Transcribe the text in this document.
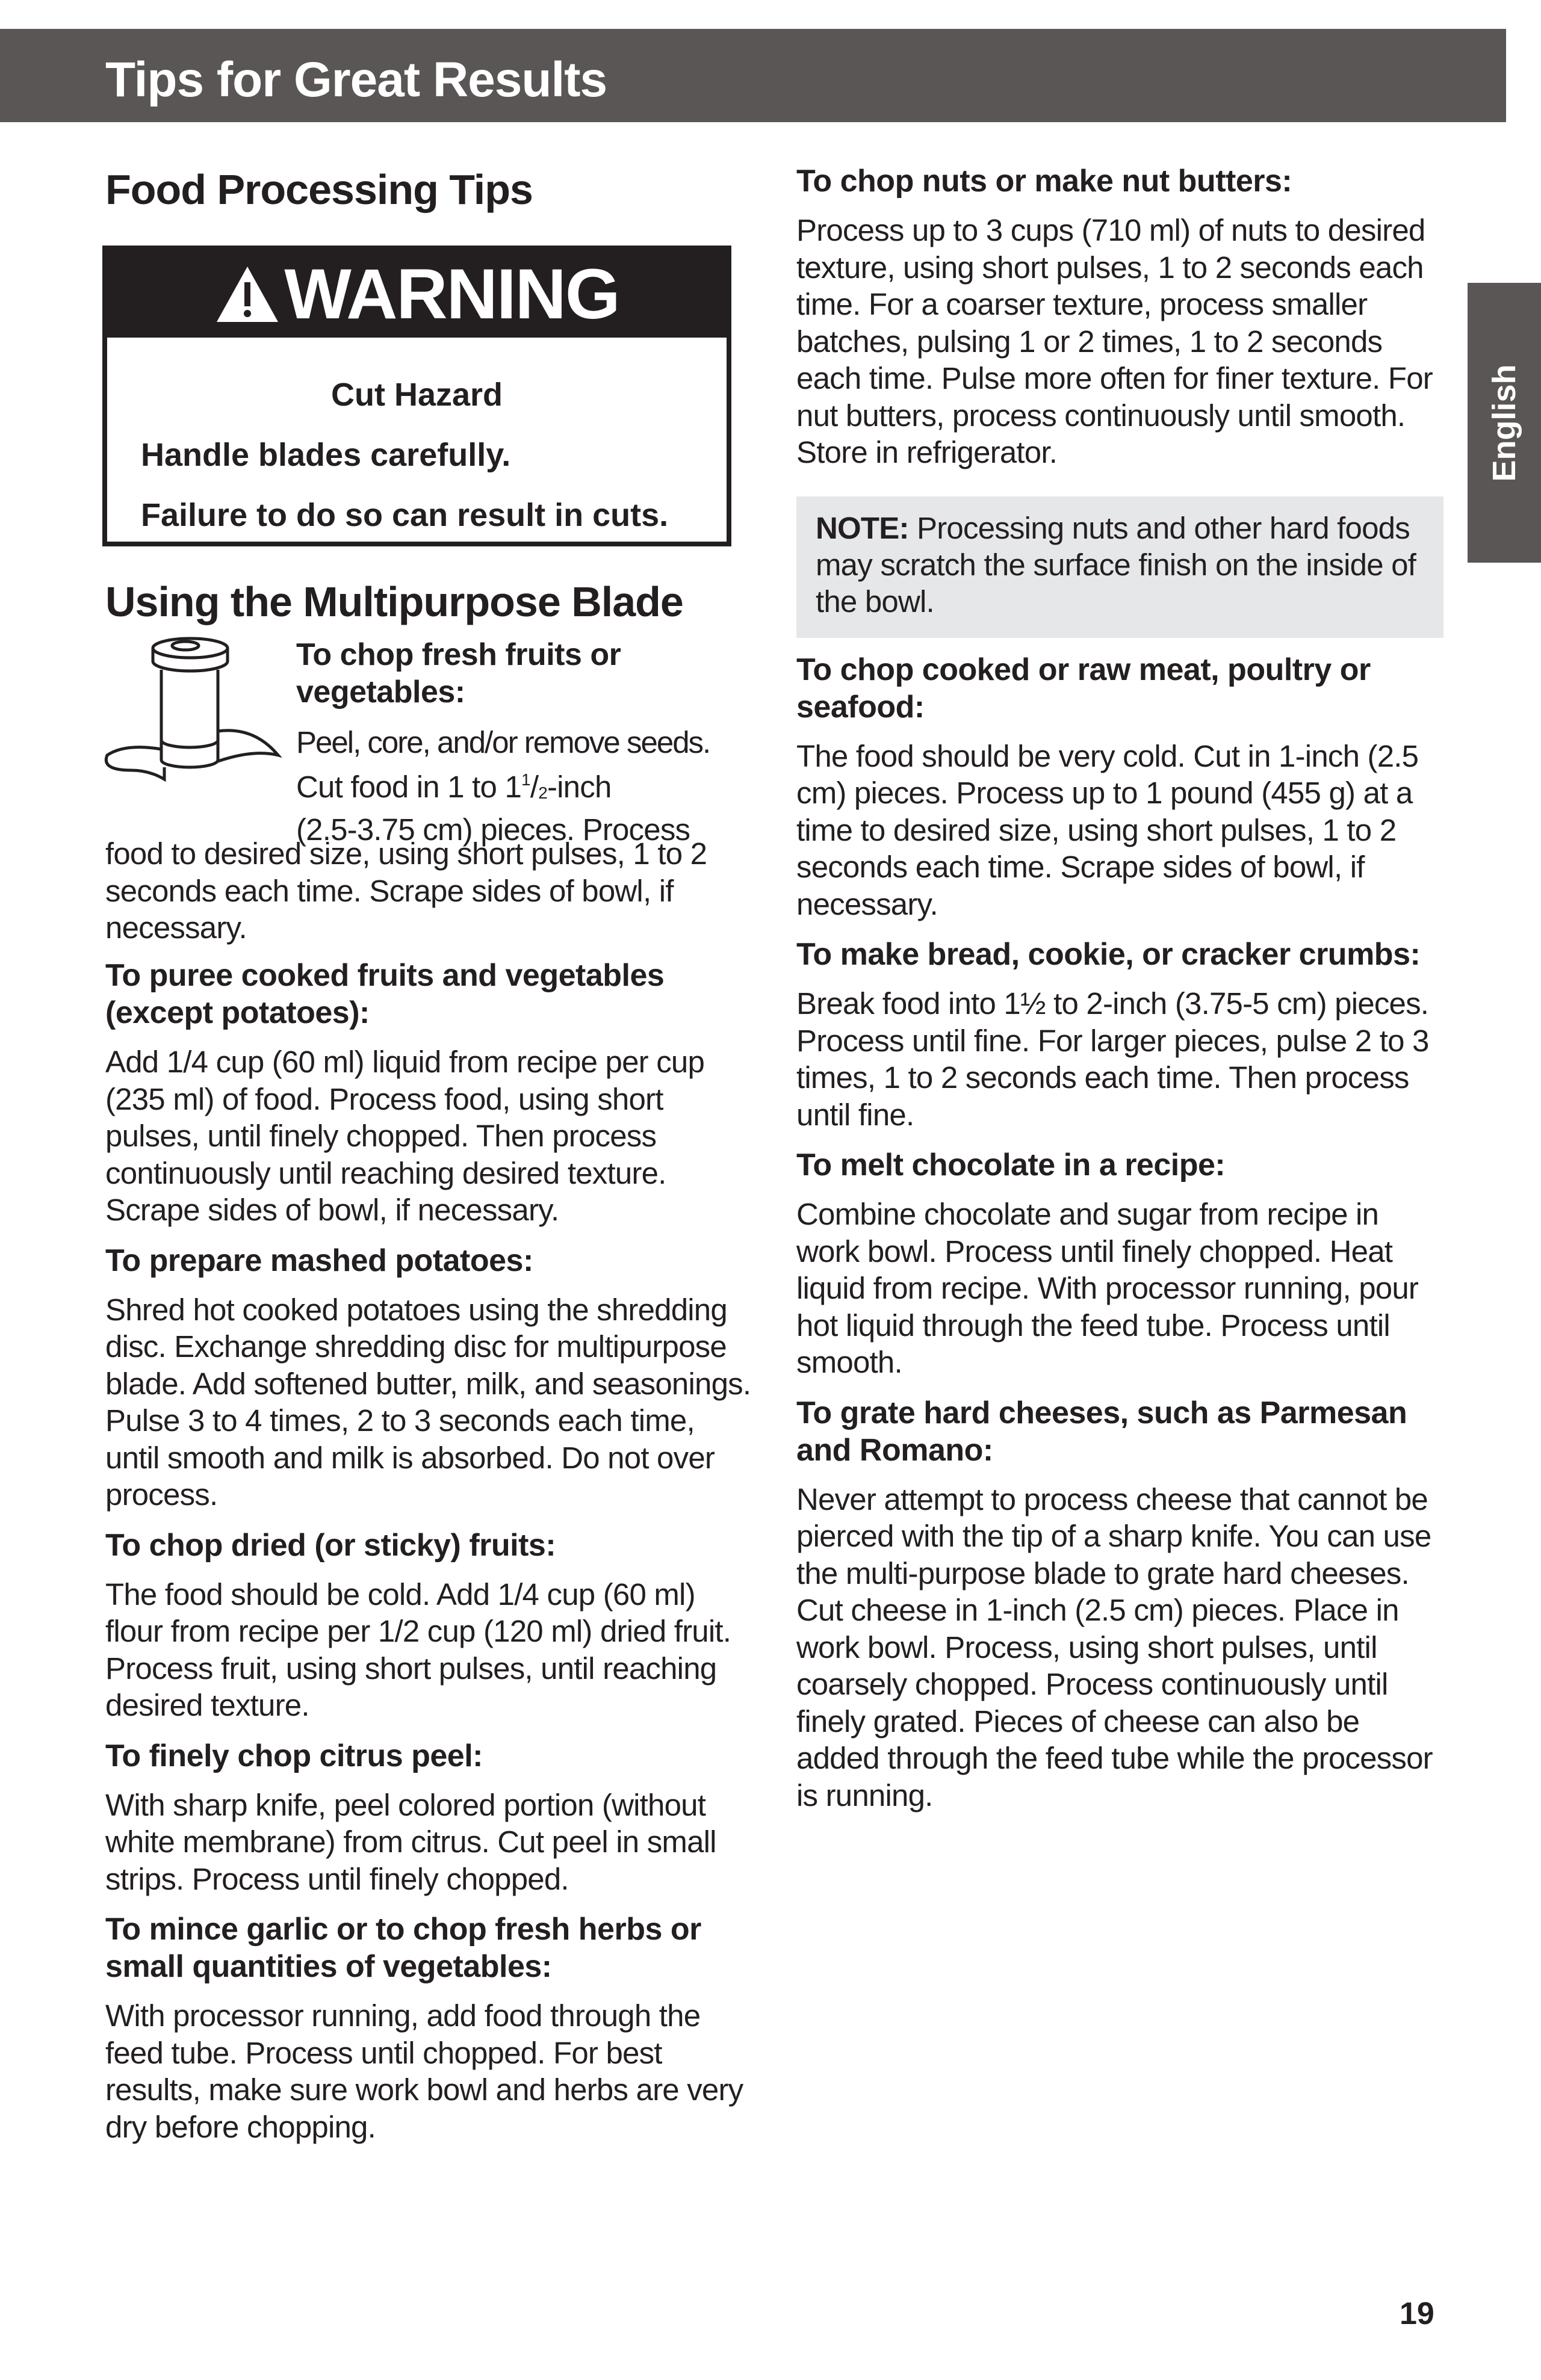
Tips for Great Results
English
Food Processing Tips
WARNING
Cut Hazard
Handle blades carefully.
Failure to do so can result in cuts.
Using the Multipurpose Blade
To chop fresh fruits or vegetables:

Peel, core, and/or remove seeds.

Cut food in 1 to $1^1/_2$-inch

(2.5-3.75 cm) pieces. Process

food to desired size, using short pulses, 1 to 2 seconds each time. Scrape sides of bowl, if necessary.

To puree cooked fruits and vegetables (except potatoes):

Add 1/4 cup (60 ml) liquid from recipe per cup (235 ml) of food. Process food, using short pulses, until finely chopped. Then process continuously until reaching desired texture. Scrape sides of bowl, if necessary.

To prepare mashed potatoes:

Shred hot cooked potatoes using the shredding disc. Exchange shredding disc for multipurpose blade. Add softened butter, milk, and seasonings. Pulse 3 to 4 times, 2 to 3 seconds each time, until smooth and milk is absorbed. Do not over process.

To chop dried (or sticky) fruits:

The food should be cold. Add 1/4 cup (60 ml) flour from recipe per 1/2 cup (120 ml) dried fruit. Process fruit, using short pulses, until reaching desired texture.

To finely chop citrus peel:

With sharp knife, peel colored portion (without white membrane) from citrus. Cut peel in small strips. Process until finely chopped.

To mince garlic or to chop fresh herbs or small quantities of vegetables:

With processor running, add food through the feed tube. Process until chopped. For best results, make sure work bowl and herbs are very dry before chopping.

To chop nuts or make nut butters:

Process up to 3 cups (710 ml) of nuts to desired texture, using short pulses, 1 to 2 seconds each time. For a coarser texture, process smaller batches, pulsing 1 or 2 times, 1 to 2 seconds each time. Pulse more often for finer texture. For nut butters, process continuously until smooth. Store in refrigerator.

NOTE: Processing nuts and other hard foods may scratch the surface finish on the inside of the bowl.

To chop cooked or raw meat, poultry or seafood:

The food should be very cold. Cut in 1-inch (2.5 cm) pieces. Process up to 1 pound (455 g) at a time to desired size, using short pulses, 1 to 2 seconds each time. Scrape sides of bowl, if necessary.

To make bread, cookie, or cracker crumbs:

Break food into 1½ to 2-inch (3.75-5 cm) pieces. Process until fine. For larger pieces, pulse 2 to 3 times, 1 to 2 seconds each time. Then process until fine.

To melt chocolate in a recipe:

Combine chocolate and sugar from recipe in work bowl. Process until finely chopped. Heat liquid from recipe. With processor running, pour hot liquid through the feed tube. Process until smooth.

To grate hard cheeses, such as Parmesan and Romano:

Never attempt to process cheese that cannot be pierced with the tip of a sharp knife. You can use the multi-purpose blade to grate hard cheeses. Cut cheese in 1-inch (2.5 cm) pieces. Place in work bowl. Process, using short pulses, until coarsely chopped. Process continuously until finely grated. Pieces of cheese can also be added through the feed tube while the processor is running.

19
